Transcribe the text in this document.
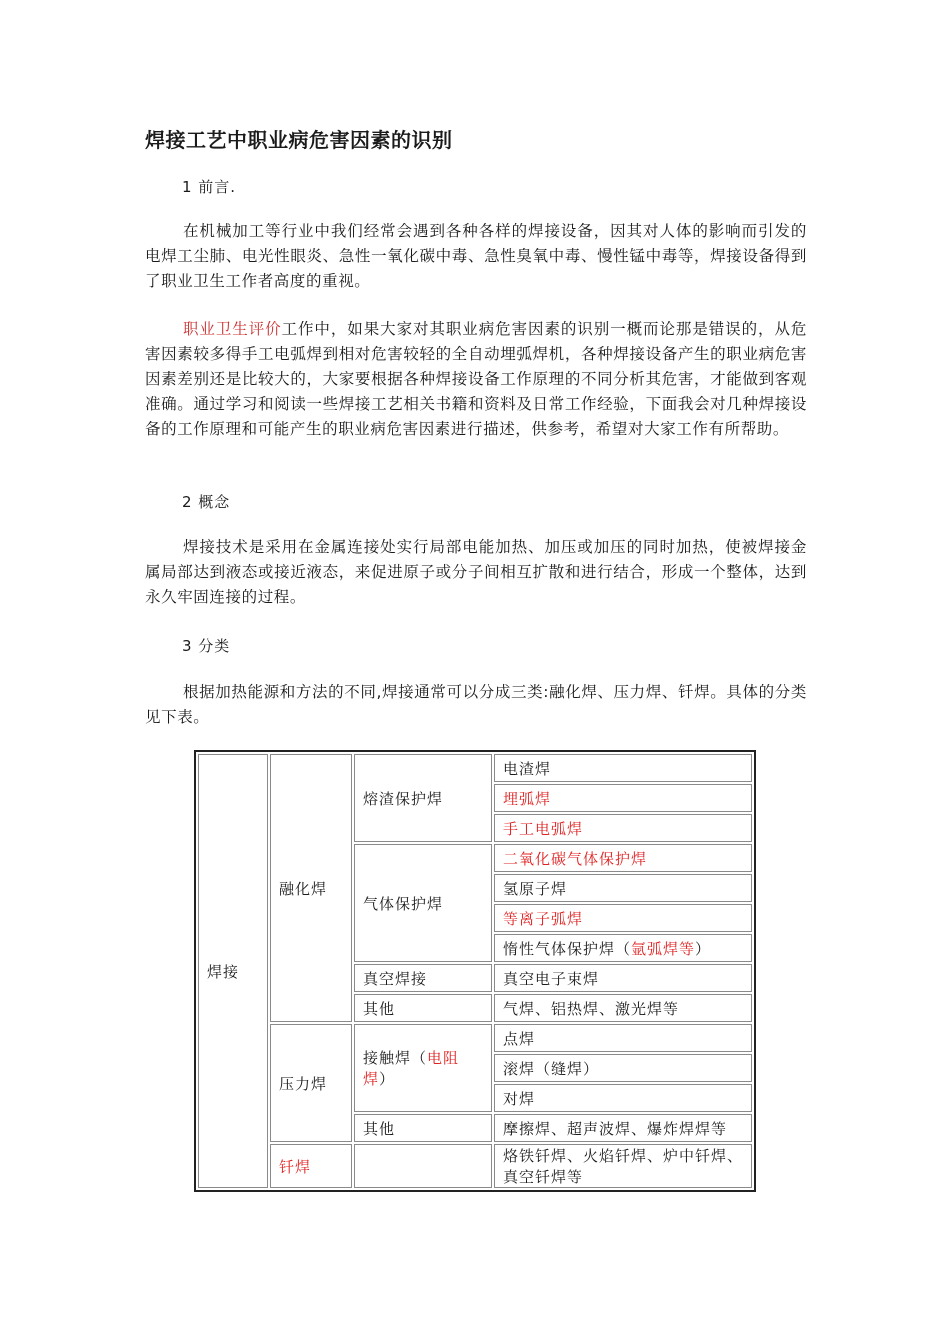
焊接工艺中职业病危害因素的识别
1 前言.

在机械加工等行业中我们经常会遇到各种各样的焊接设备，因其对人体的影响而引发的电焊工尘肺、电光性眼炎、急性一氧化碳中毒、急性臭氧中毒、慢性锰中毒等，焊接设备得到了职业卫生工作者高度的重视。

职业卫生评价工作中，如果大家对其职业病危害因素的识别一概而论那是错误的，从危害因素较多得手工电弧焊到相对危害较轻的全自动埋弧焊机，各种焊接设备产生的职业病危害因素差别还是比较大的，大家要根据各种焊接设备工作原理的不同分析其危害，才能做到客观准确。通过学习和阅读一些焊接工艺相关书籍和资料及日常工作经验，下面我会对几种焊接设备的工作原理和可能产生的职业病危害因素进行描述，供参考，希望对大家工作有所帮助。

2 概念

焊接技术是采用在金属连接处实行局部电能加热、加压或加压的同时加热，使被焊接金属局部达到液态或接近液态，来促进原子或分子间相互扩散和进行结合，形成一个整体，达到永久牢固连接的过程。

3 分类

根据加热能源和方法的不同,焊接通常可以分成三类:融化焊、压力焊、钎焊。具体的分类见下表。

焊接	融化焊	熔渣保护焊	电渣焊
			埋弧焊
			手工电弧焊
		气体保护焊	二氧化碳气体保护焊
			氢原子焊
			等离子弧焊
			惰性气体保护焊（氩弧焊等）
		真空焊接	真空电子束焊
		其他	气焊、铝热焊、激光焊等
	压力焊	接触焊（电阻焊）	点焊
			滚焊（缝焊）
			对焊
		其他	摩擦焊、超声波焊、爆炸焊焊等
	钎焊		烙铁钎焊、火焰钎焊、炉中钎焊、真空钎焊等
